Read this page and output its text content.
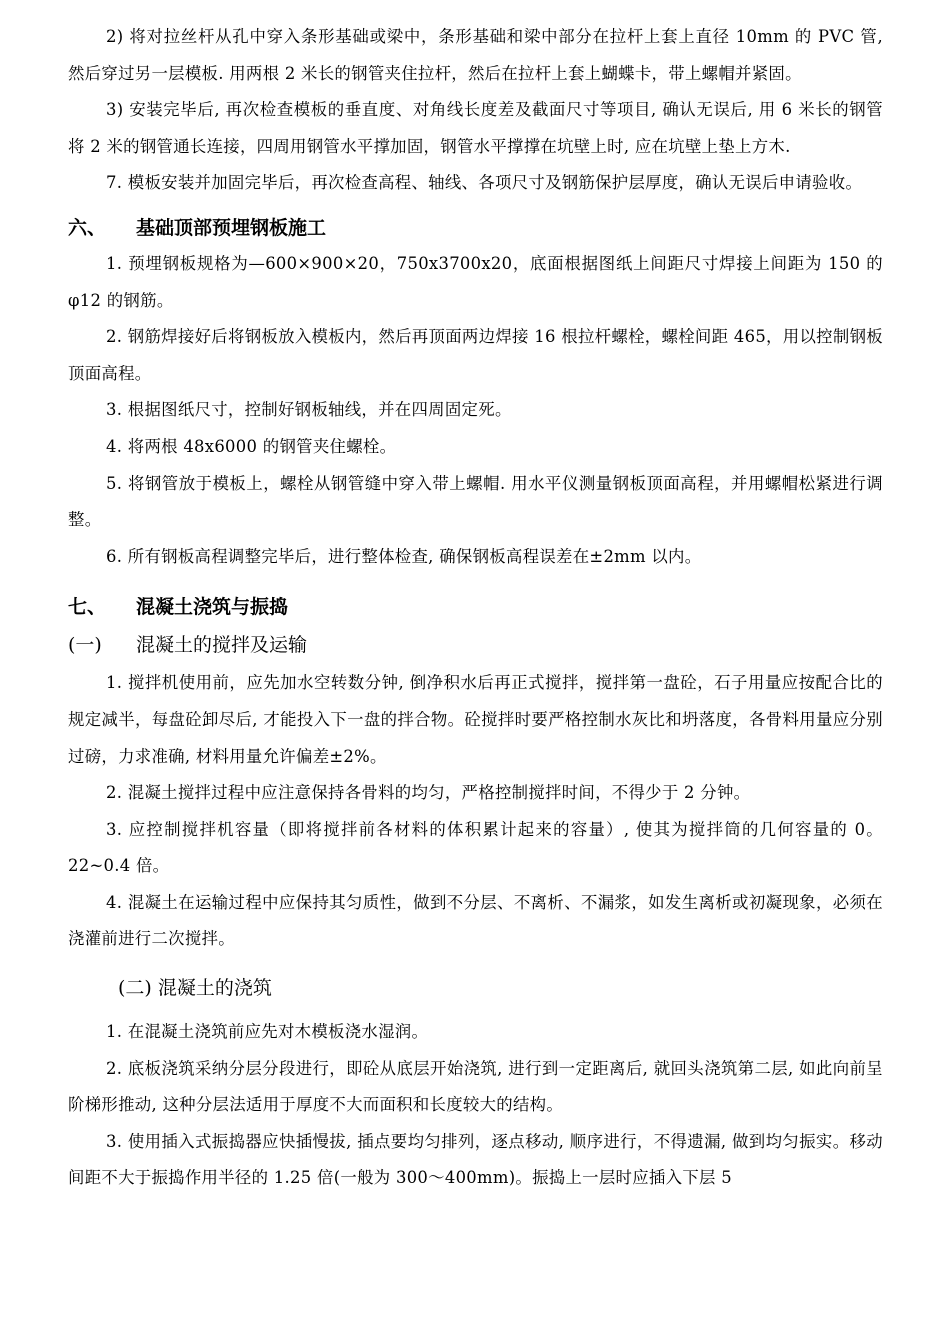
2) 将对拉丝杆从孔中穿入条形基础或梁中，条形基础和梁中部分在拉杆上套上直径 10mm 的 PVC 管, 然后穿过另一层模板. 用两根 2 米长的钢管夹住拉杆，然后在拉杆上套上蝴蝶卡，带上螺帽并紧固。

3) 安装完毕后, 再次检查模板的垂直度、对角线长度差及截面尺寸等项目, 确认无误后, 用 6 米长的钢管将 2 米的钢管通长连接，四周用钢管水平撑加固，钢管水平撑撑在坑壁上时, 应在坑壁上垫上方木.

7. 模板安装并加固完毕后，再次检查高程、轴线、各项尺寸及钢筋保护层厚度，确认无误后申请验收。

六、 基础顶部预埋钢板施工

1. 预埋钢板规格为—600×900×20，750x3700x20，底面根据图纸上间距尺寸焊接上间距为 150 的 φ12 的钢筋。

2. 钢筋焊接好后将钢板放入模板内，然后再顶面两边焊接 16 根拉杆螺栓，螺栓间距 465，用以控制钢板顶面高程。

3. 根据图纸尺寸，控制好钢板轴线，并在四周固定死。

4. 将两根 48x6000 的钢管夹住螺栓。

5. 将钢管放于模板上，螺栓从钢管缝中穿入带上螺帽. 用水平仪测量钢板顶面高程，并用螺帽松紧进行调整。

6. 所有钢板高程调整完毕后，进行整体检查, 确保钢板高程误差在±2mm 以内。

七、 混凝土浇筑与振捣
(一) 混凝土的搅拌及运输

1. 搅拌机使用前，应先加水空转数分钟, 倒净积水后再正式搅拌，搅拌第一盘砼，石子用量应按配合比的规定减半，每盘砼卸尽后, 才能投入下一盘的拌合物。砼搅拌时要严格控制水灰比和坍落度，各骨料用量应分别过磅，力求准确, 材料用量允许偏差±2%。

2. 混凝土搅拌过程中应注意保持各骨料的均匀，严格控制搅拌时间，不得少于 2 分钟。

3. 应控制搅拌机容量（即将搅拌前各材料的体积累计起来的容量）, 使其为搅拌筒的几何容量的 0。22~0.4 倍。

4. 混凝土在运输过程中应保持其匀质性，做到不分层、不离析、不漏浆，如发生离析或初凝现象，必须在浇灌前进行二次搅拌。

(二) 混凝土的浇筑

1. 在混凝土浇筑前应先对木模板浇水湿润。

2. 底板浇筑采纳分层分段进行，即砼从底层开始浇筑, 进行到一定距离后, 就回头浇筑第二层, 如此向前呈阶梯形推动, 这种分层法适用于厚度不大而面积和长度较大的结构。

3. 使用插入式振捣器应快插慢拔, 插点要均匀排列，逐点移动, 顺序进行，不得遗漏, 做到均匀振实。移动间距不大于振捣作用半径的 1.25 倍(一般为 300～400mm)。振捣上一层时应插入下层 5
